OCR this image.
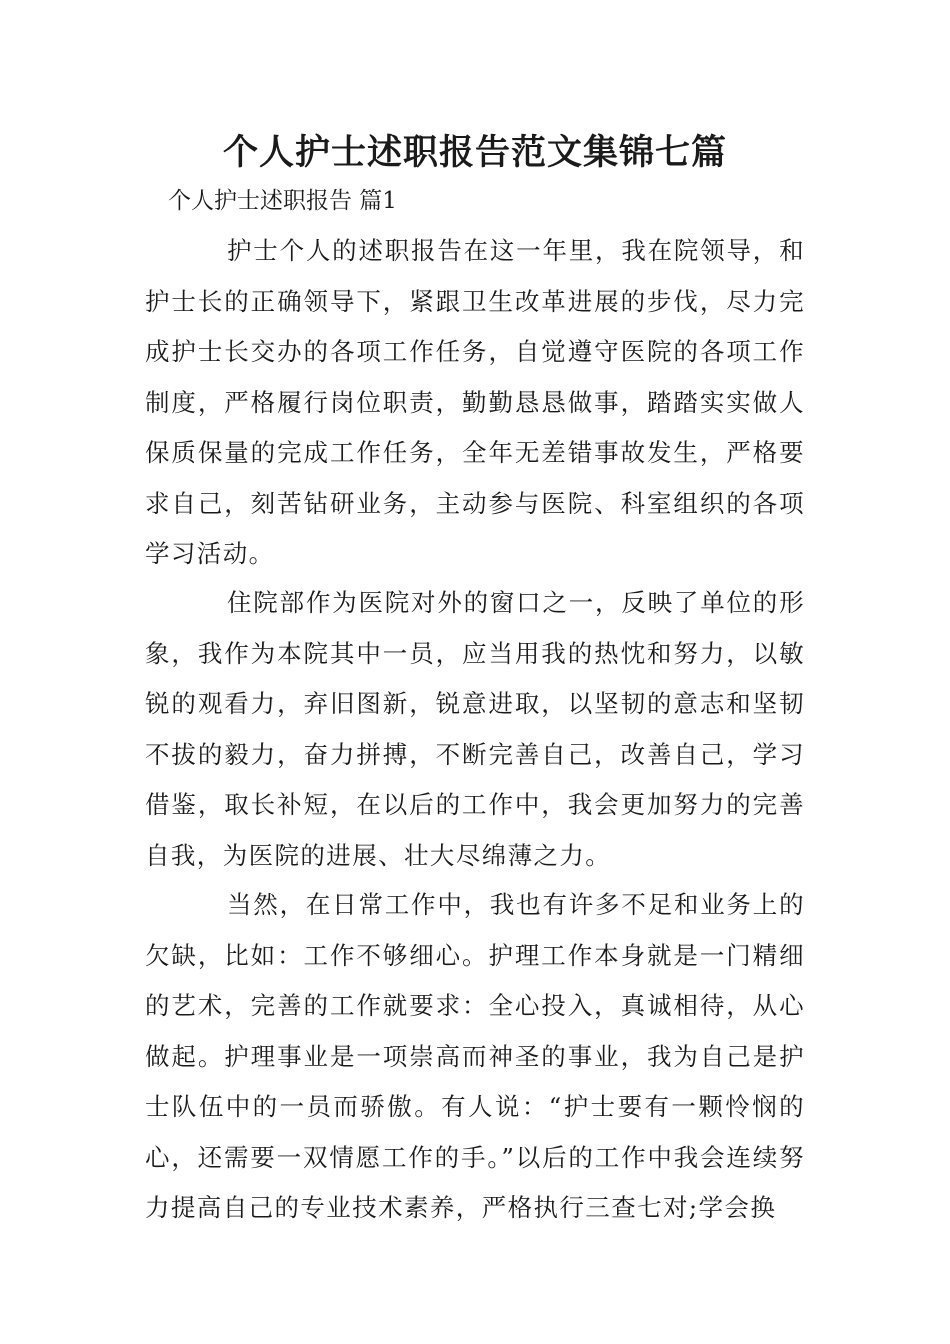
个人护士述职报告范文集锦七篇

个人护士述职报告 篇1

护士个人的述职报告在这一年里，我在院领导，和护士长的正确领导下，紧跟卫生改革进展的步伐，尽力完成护士长交办的各项工作任务，自觉遵守医院的各项工作制度，严格履行岗位职责，勤勤恳恳做事，踏踏实实做人保质保量的完成工作任务，全年无差错事故发生，严格要求自己，刻苦钻研业务，主动参与医院、科室组织的各项学习活动。

住院部作为医院对外的窗口之一，反映了单位的形象，我作为本院其中一员，应当用我的热忱和努力，以敏锐的观看力，弃旧图新，锐意进取，以坚韧的意志和坚韧不拔的毅力，奋力拼搏，不断完善自己，改善自己，学习借鉴，取长补短，在以后的工作中，我会更加努力的完善自我，为医院的进展、壮大尽绵薄之力。

当然，在日常工作中，我也有许多不足和业务上的欠缺，比如：工作不够细心。护理工作本身就是一门精细的艺术，完善的工作就要求：全心投入，真诚相待，从心做起。护理事业是一项崇高而神圣的事业，我为自己是护士队伍中的一员而骄傲。有人说：“护士要有一颗怜悯的心，还需要一双情愿工作的手。”以后的工作中我会连续努力提高自己的专业技术素养，严格执行三查七对;学会换
